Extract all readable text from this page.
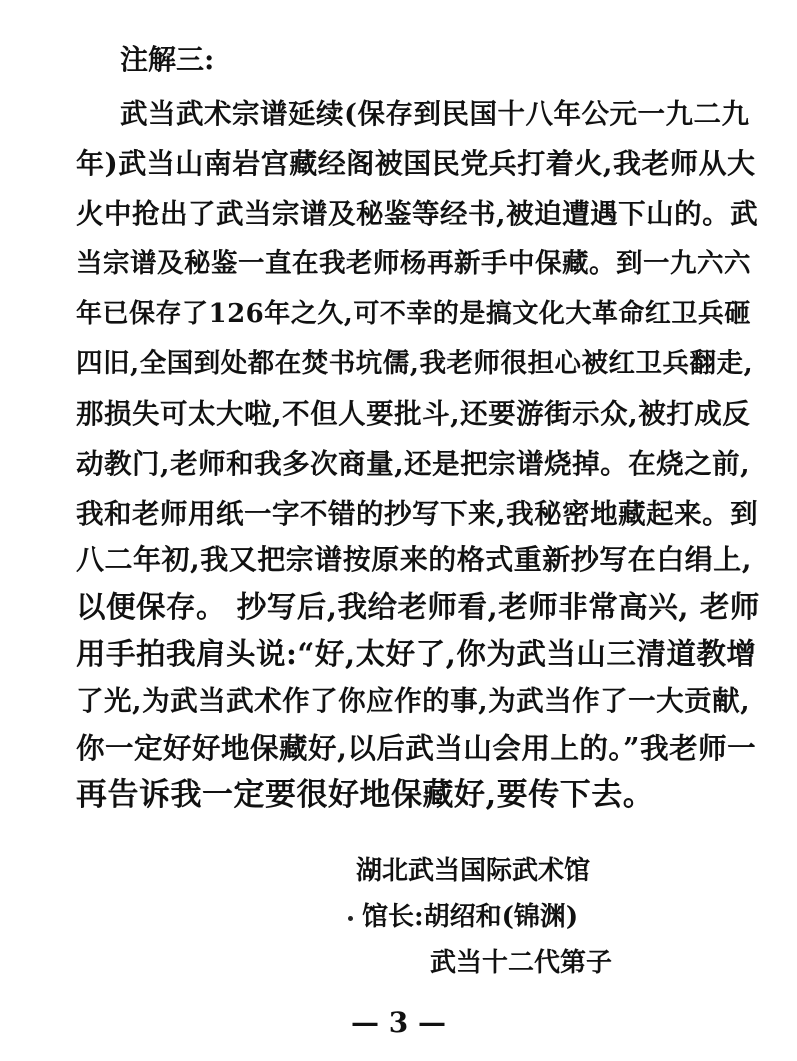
注解三:
武当武术宗谱延续(保存到民国十八年公元一九二九
年)武当山南岩宫藏经阁被国民党兵打着火,我老师从大
火中抢出了武当宗谱及秘鉴等经书,被迫遭遇下山的。武
当宗谱及秘鉴一直在我老师杨再新手中保藏。到一九六六
年已保存了126年之久,可不幸的是搞文化大革命红卫兵砸
四旧,全国到处都在焚书坑儒,我老师很担心被红卫兵翻走,
那损失可太大啦,不但人要批斗,还要游街示众,被打成反
动教门,老师和我多次商量,还是把宗谱烧掉。在烧之前,
我和老师用纸一字不错的抄写下来,我秘密地藏起来。到
八二年初,我又把宗谱按原来的格式重新抄写在白绢上,
以便保存。 抄写后,我给老师看,老师非常高兴, 老师
用手拍我肩头说:“好,太好了,你为武当山三清道教增
了光,为武当武术作了你应作的事,为武当作了一大贡献,
你一定好好地保藏好,以后武当山会用上的。”我老师一
再告诉我一定要很好地保藏好,要传下去。
湖北武当国际武术馆
馆长:胡绍和(锦渊)
武当十二代第子
— 3 —
